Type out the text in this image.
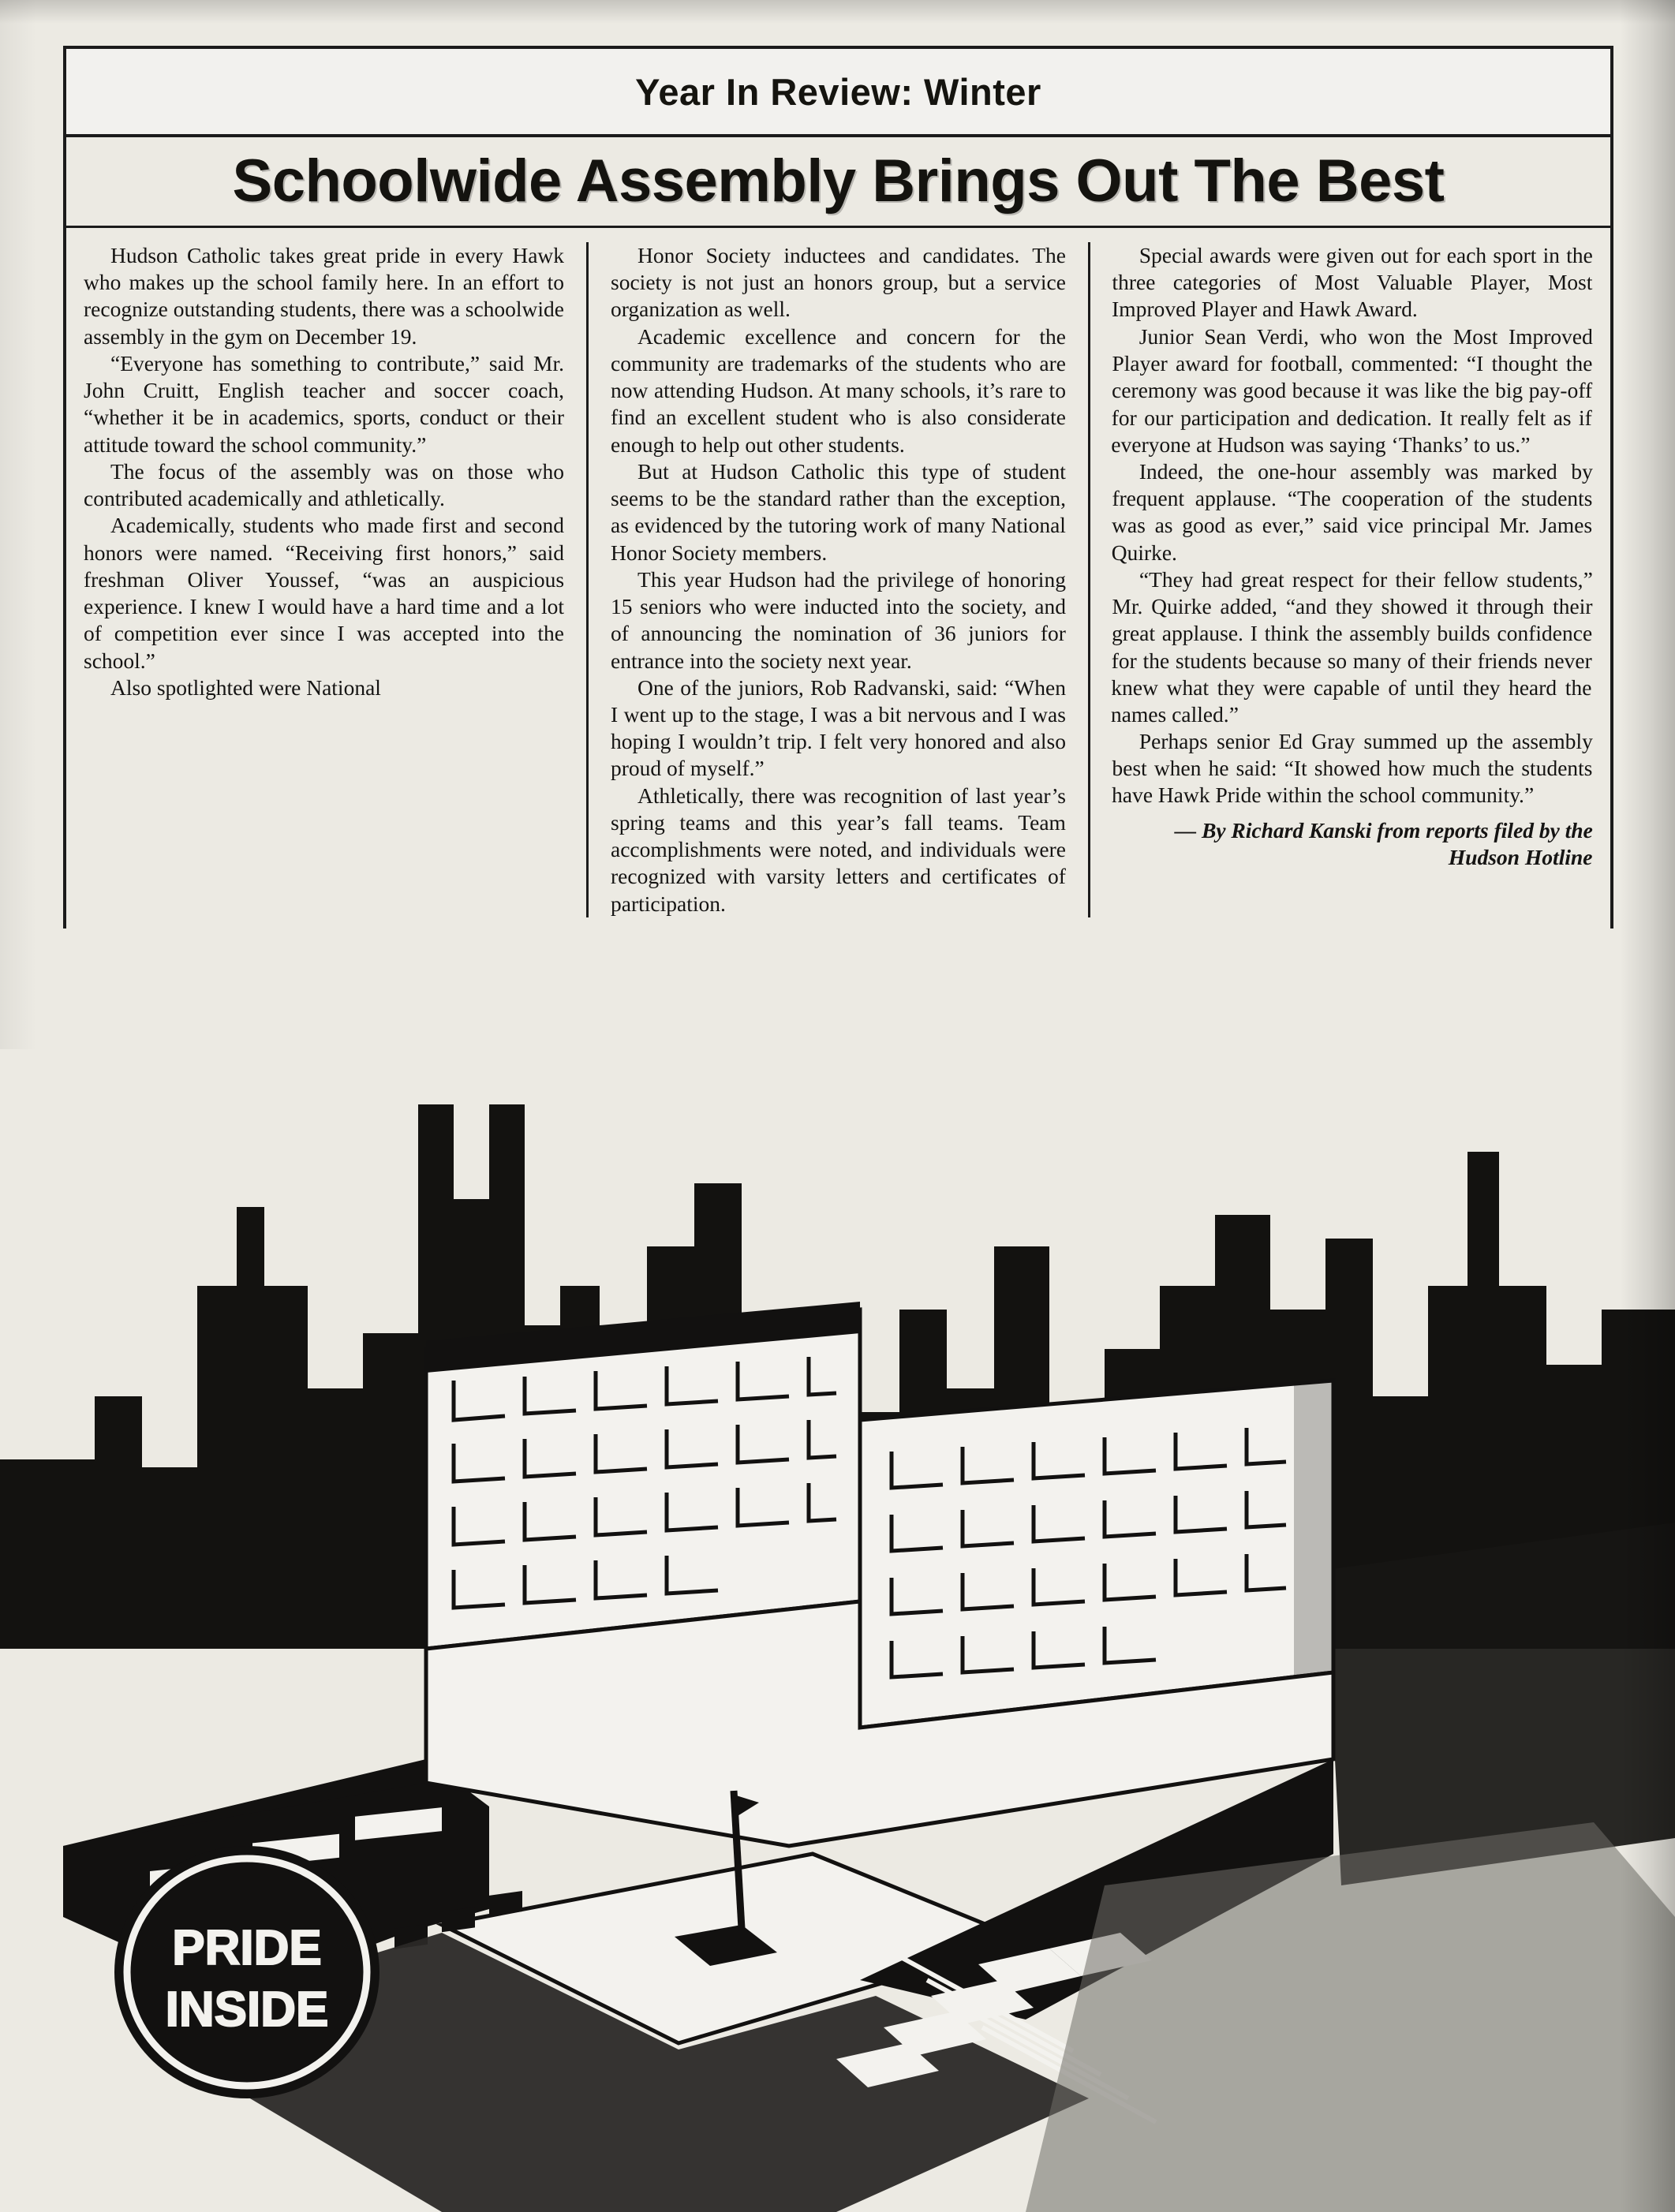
Year In Review: Winter
Schoolwide Assembly Brings Out The Best

Hudson Catholic takes great pride in every Hawk who makes up the school family here. In an effort to recognize outstanding students, there was a schoolwide assembly in the gym on December 19.

“Everyone has something to contribute,” said Mr. John Cruitt, English teacher and soccer coach, “whether it be in academics, sports, conduct or their attitude toward the school community.”

The focus of the assembly was on those who contributed academically and athletically.

Academically, students who made first and second honors were named. “Receiving first honors,” said freshman Oliver Youssef, “was an auspicious experience. I knew I would have a hard time and a lot of competition ever since I was accepted into the school.”

Also spotlighted were National

Honor Society inductees and candidates. The society is not just an honors group, but a service organization as well.

Academic excellence and concern for the community are trademarks of the students who are now attending Hudson. At many schools, it’s rare to find an excellent student who is also considerate enough to help out other students.

But at Hudson Catholic this type of student seems to be the standard rather than the exception, as evidenced by the tutoring work of many National Honor Society members.

This year Hudson had the privilege of honoring 15 seniors who were inducted into the society, and of announcing the nomination of 36 juniors for entrance into the society next year.

One of the juniors, Rob Radvanski, said: “When I went up to the stage, I was a bit nervous and I was hoping I wouldn’t trip. I felt very honored and also proud of myself.”

Athletically, there was recognition of last year’s spring teams and this year’s fall teams. Team accomplishments were noted, and individuals were recognized with varsity letters and certificates of participation.

Special awards were given out for each sport in the three categories of Most Valuable Player, Most Improved Player and Hawk Award.

Junior Sean Verdi, who won the Most Improved Player award for football, commented: “I thought the ceremony was good because it was like the big pay-off for our participation and dedication. It really felt as if everyone at Hudson was saying ‘Thanks’ to us.”

Indeed, the one-hour assembly was marked by frequent applause. “The cooperation of the students was as good as ever,” said vice principal Mr. James Quirke.

“They had great respect for their fellow students,” Mr. Quirke added, “and they showed it through their great applause. I think the assembly builds confidence for the students because so many of their friends never knew what they were capable of until they heard the names called.”

Perhaps senior Ed Gray summed up the assembly best when he said: “It showed how much the students have Hawk Pride within the school community.”

— By Richard Kanski from reports filed by the Hudson Hotline

PRIDE
INSIDE
